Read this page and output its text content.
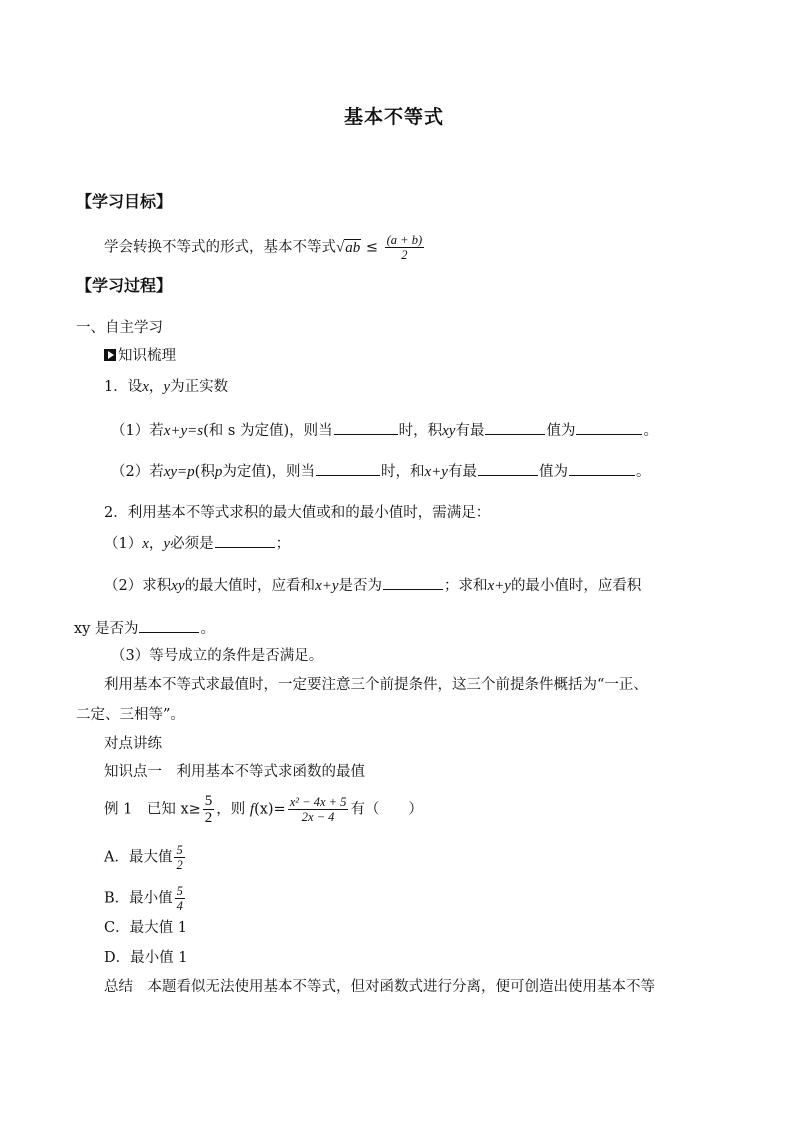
基本不等式
【学习目标】
学会转换不等式的形式，基本不等式$√ab \le \frac{(a + b)}{2}$
【学习过程】
一、自主学习
知识梳理
1．设x，y为正实数
（1）若x+y=s(和 s 为定值)，则当	时，积xy有最	值为	。
（2）若xy=p(积p为定值)，则当	时，和x+y有最	值为	。
2．利用基本不等式求积的最大值或和的最小值时，需满足：
（1）x，y必须是	；
（2）求积xy的最大值时，应看和x+y是否为	；求和x+y的最小值时，应看积
xy 是否为	。
（3）等号成立的条件是否满足。
利用基本不等式求最值时，一定要注意三个前提条件，这三个前提条件概括为“一正、
二定、三相等”。
对点讲练
知识点一　利用基本不等式求函数的最值
例 1　已知 $x\ge \frac{5}{2}$ ，则 $f(x)= \frac{\text{x² − 4x + 5}}{2x - 4}$ 有（　　）
A．最大值 $\frac{5}{2}$
B．最小值 $\frac{5}{4}$
C．最大值 1
D．最小值 1
总结　本题看似无法使用基本不等式，但对函数式进行分离，便可创造出使用基本不等
